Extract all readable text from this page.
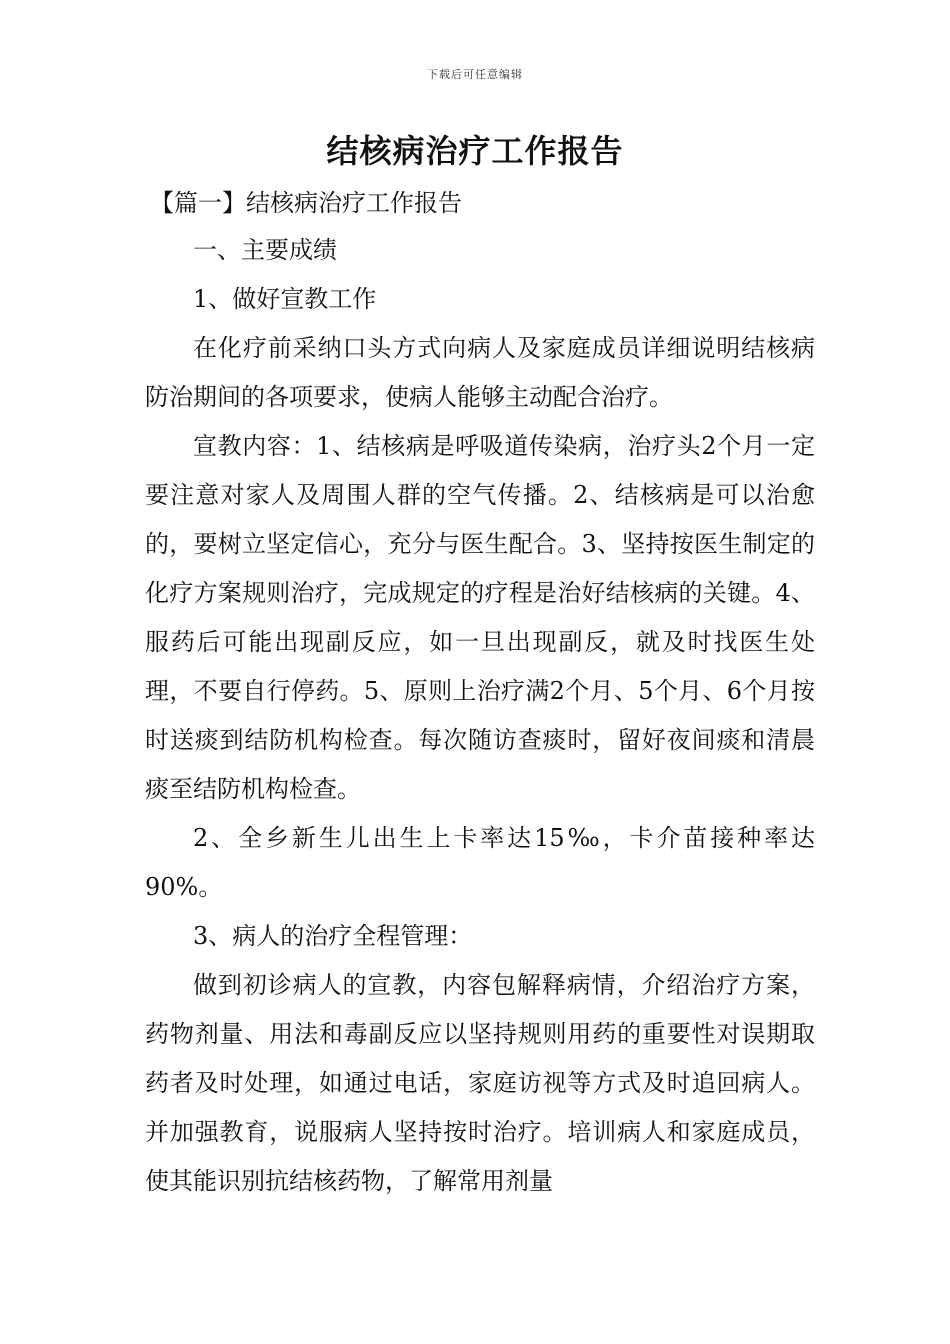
下载后可任意编辑
结核病治疗工作报告
【篇一】结核病治疗工作报告

一、主要成绩

1、做好宣教工作

在化疗前采纳口头方式向病人及家庭成员详细说明结核病防治期间的各项要求，使病人能够主动配合治疗。

宣教内容：1、结核病是呼吸道传染病，治疗头2个月一定要注意对家人及周围人群的空气传播。2、结核病是可以治愈的，要树立坚定信心，充分与医生配合。3、坚持按医生制定的化疗方案规则治疗，完成规定的疗程是治好结核病的关键。4、服药后可能出现副反应，如一旦出现副反，就及时找医生处理，不要自行停药。5、原则上治疗满2个月、5个月、6个月按时送痰到结防机构检查。每次随访查痰时，留好夜间痰和清晨痰至结防机构检查。

2、全乡新生儿出生上卡率达15‰，卡介苗接种率达90%。

3、病人的治疗全程管理：

做到初诊病人的宣教，内容包解释病情，介绍治疗方案，药物剂量、用法和毒副反应以坚持规则用药的重要性对误期取药者及时处理，如通过电话，家庭访视等方式及时追回病人。并加强教育，说服病人坚持按时治疗。培训病人和家庭成员，使其能识别抗结核药物，了解常用剂量
